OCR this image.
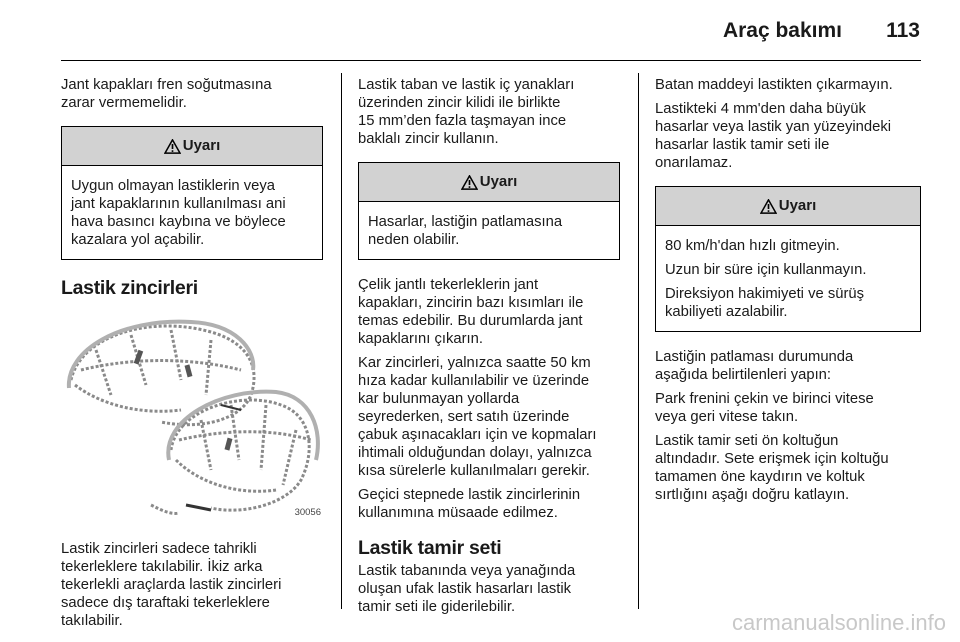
Araç bakımı 113

Jant kapakları fren soğutmasına
zarar vermemelidir.

Uyarı

Uygun olmayan lastiklerin veya
jant kapaklarının kullanılması ani
hava basıncı kaybına ve böylece
kazalara yol açabilir.

Lastik zincirleri
30056

Lastik zincirleri sadece tahrikli
tekerleklere takılabilir. İkiz arka
tekerlekli araçlarda lastik zincirleri
sadece dış taraftaki tekerleklere
takılabilir.

Lastik taban ve lastik iç yanakları
üzerinden zincir kilidi ile birlikte
15 mm’den fazla taşmayan ince
baklalı zincir kullanın.

Uyarı

Hasarlar, lastiğin patlamasına
neden olabilir.

Çelik jantlı tekerleklerin jant
kapakları, zincirin bazı kısımları ile
temas edebilir. Bu durumlarda jant
kapaklarını çıkarın.

Kar zincirleri, yalnızca saatte 50 km
hıza kadar kullanılabilir ve üzerinde
kar bulunmayan yollarda
seyrederken, sert satıh üzerinde
çabuk aşınacakları için ve kopmaları
ihtimali olduğundan dolayı, yalnızca
kısa sürelerle kullanılmaları gerekir.

Geçici stepnede lastik zincirlerinin
kullanımına müsaade edilmez.

Lastik tamir seti

Lastik tabanında veya yanağında
oluşan ufak lastik hasarları lastik
tamir seti ile giderilebilir.

Batan maddeyi lastikten çıkarmayın.

Lastikteki 4 mm'den daha büyük
hasarlar veya lastik yan yüzeyindeki
hasarlar lastik tamir seti ile
onarılamaz.

Uyarı

80 km/h'dan hızlı gitmeyin.

Uzun bir süre için kullanmayın.

Direksiyon hakimiyeti ve sürüş
kabiliyeti azalabilir.

Lastiğin patlaması durumunda
aşağıda belirtilenleri yapın:

Park frenini çekin ve birinci vitese
veya geri vitese takın.

Lastik tamir seti ön koltuğun
altındadır. Sete erişmek için koltuğu
tamamen öne kaydırın ve koltuk
sırtlığını aşağı doğru katlayın.

carmanualsonline.info
